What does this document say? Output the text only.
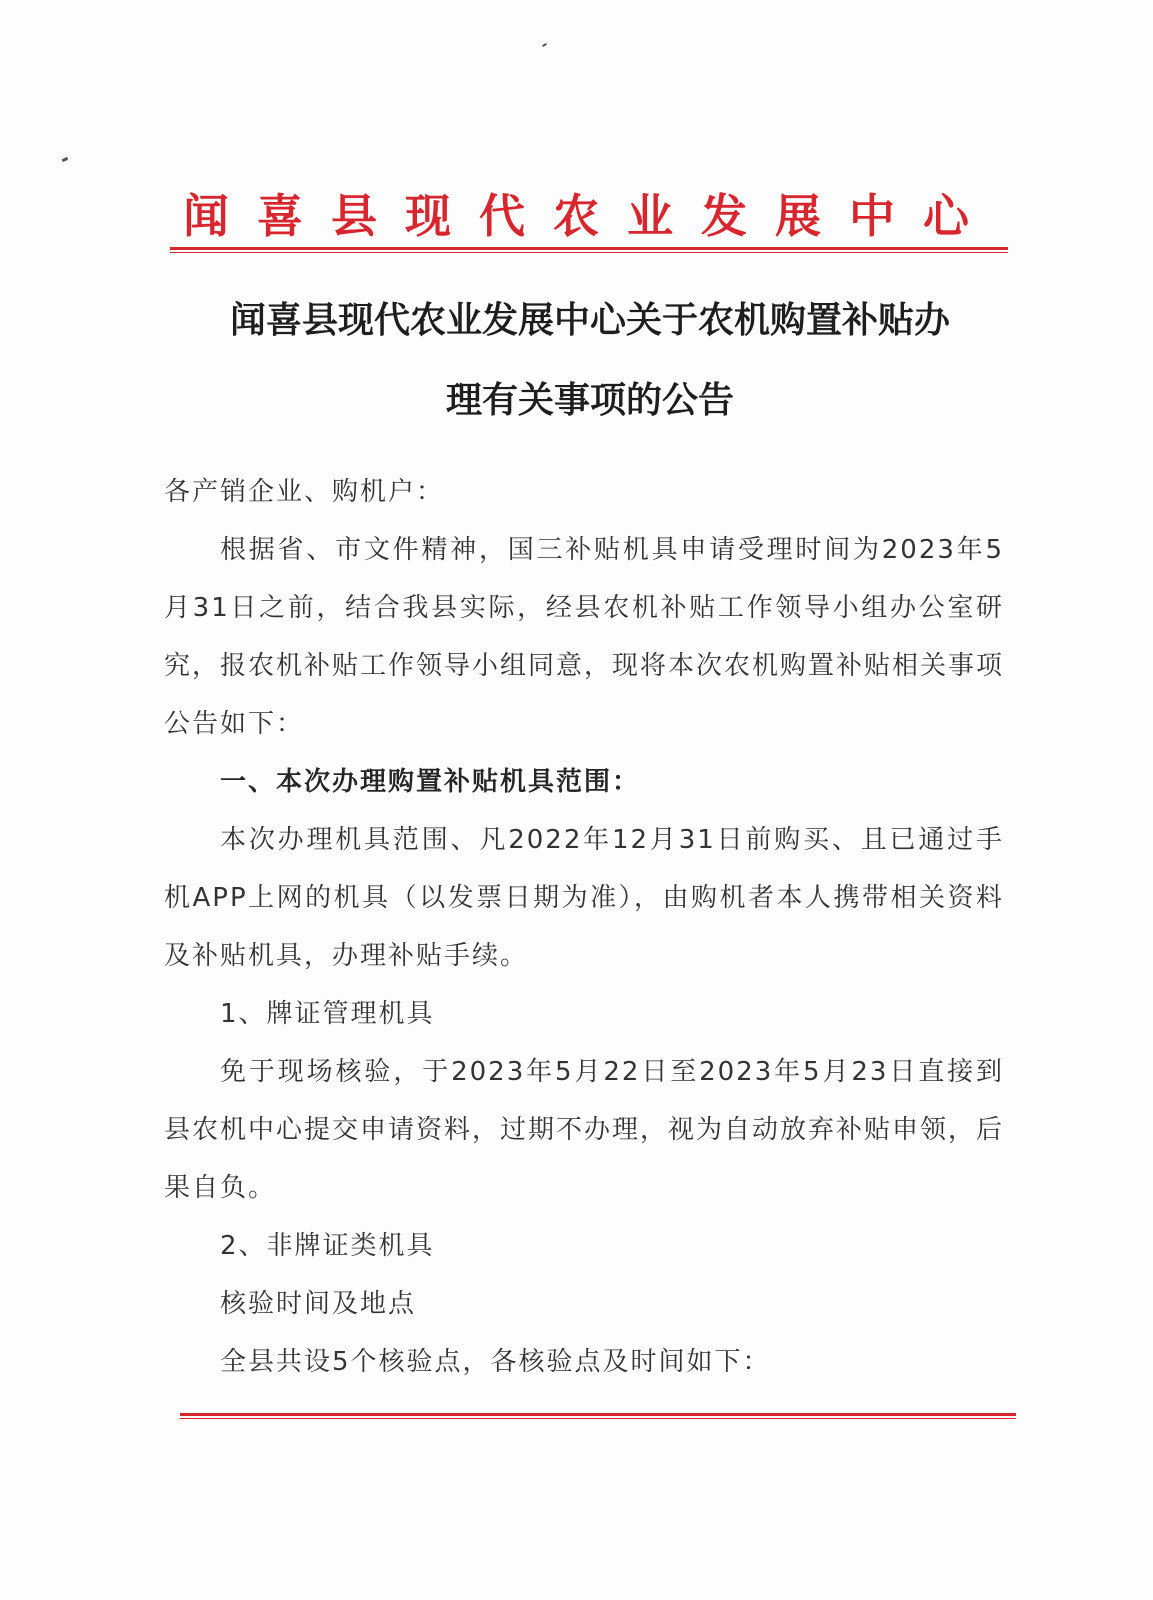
闻喜县现代农业发展中心
闻喜县现代农业发展中心关于农机购置补贴办
理有关事项的公告
各产销企业、购机户：
根据省、市文件精神，国三补贴机具申请受理时间为2023年5月31日之前，结合我县实际，经县农机补贴工作领导小组办公室研究，报农机补贴工作领导小组同意，现将本次农机购置补贴相关事项公告如下：
一、本次办理购置补贴机具范围：
本次办理机具范围、凡2022年12月31日前购买、且已通过手机APP上网的机具（以发票日期为准），由购机者本人携带相关资料及补贴机具，办理补贴手续。
1、牌证管理机具
免于现场核验，于2023年5月22日至2023年5月23日直接到县农机中心提交申请资料，过期不办理，视为自动放弃补贴申领，后果自负。
2、非牌证类机具
核验时间及地点
全县共设5个核验点，各核验点及时间如下：
